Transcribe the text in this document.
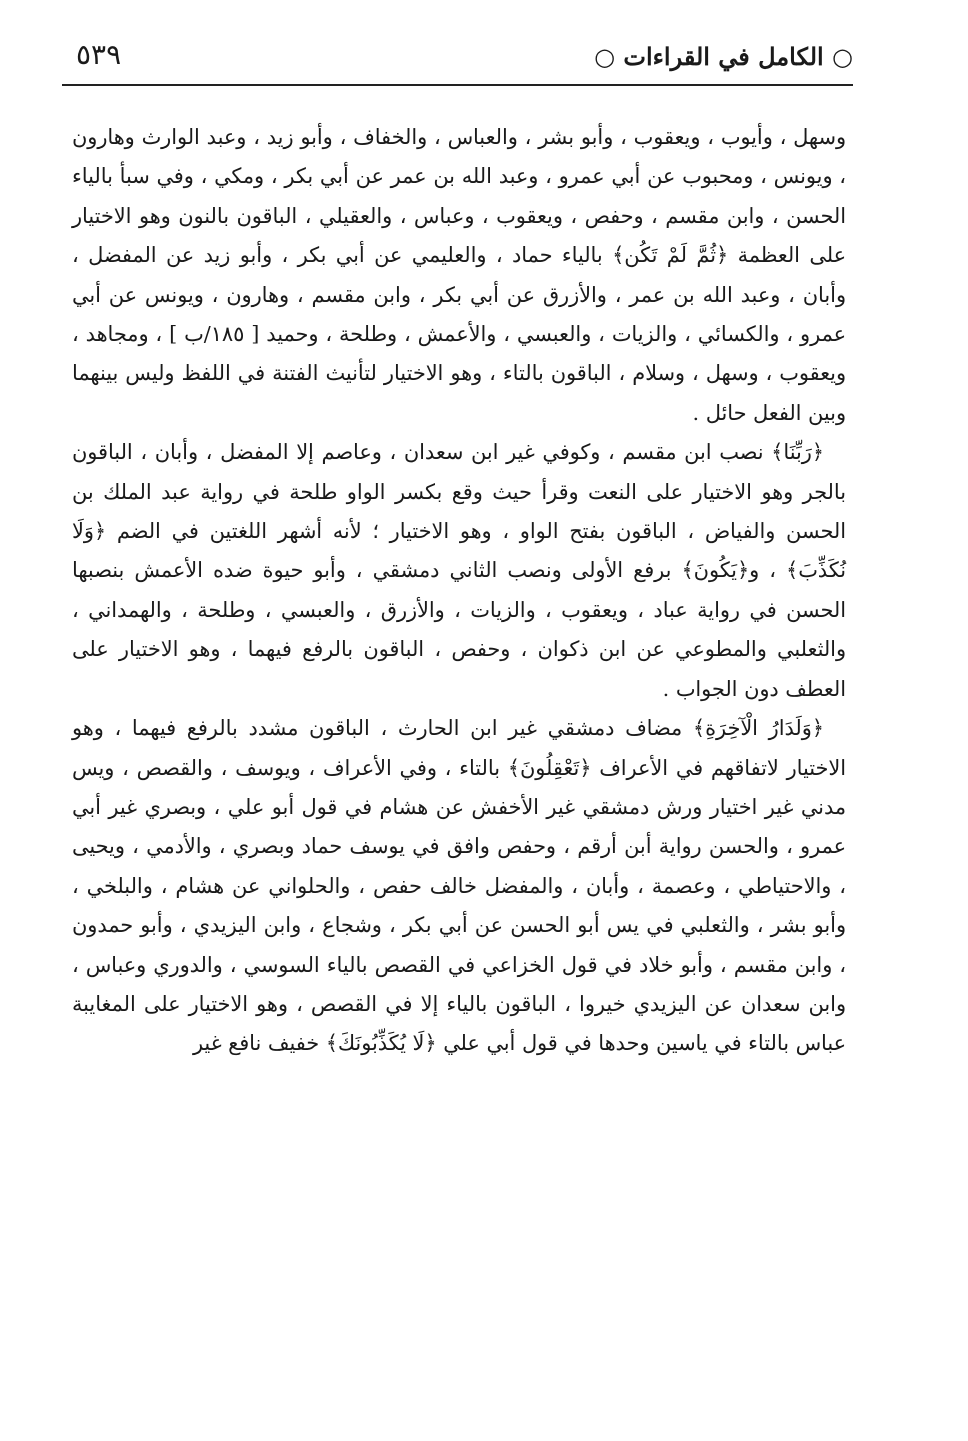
○ الكامل في القراءات ○
٥٣٩

وسهل ، وأيوب ، ويعقوب ، وأبو بشر ، والعباس ، والخفاف ، وأبو زيد ، وعبد الوارث وهارون ، ويونس ، ومحبوب عن أبي عمرو ، وعبد الله بن عمر عن أبي بكر ، ومكي ، وفي سبأ بالياء الحسن ، وابن مقسم ، وحفص ، ويعقوب ، وعباس ، والعقيلي ، الباقون بالنون وهو الاختيار على العظمة ﴿ثُمَّ لَمْ تَكُن﴾ بالياء حماد ، والعليمي عن أبي بكر ، وأبو زيد عن المفضل ، وأبان ، وعبد الله بن عمر ، والأزرق عن أبي بكر ، وابن مقسم ، وهارون ، ويونس عن أبي عمرو ، والكسائي ، والزيات ، والعبسي ، والأعمش ، وطلحة ، وحميد [ ١٨٥/ب ] ، ومجاهد ، ويعقوب ، وسهل ، وسلام ، الباقون بالتاء ، وهو الاختيار لتأنيث الفتنة في اللفظ وليس بينهما وبين الفعل حائل .

﴿رَبِّنَا﴾ نصب ابن مقسم ، وكوفي غير ابن سعدان ، وعاصم إلا المفضل ، وأبان ، الباقون بالجر وهو الاختيار على النعت وقرأ حيث وقع بكسر الواو طلحة في رواية عبد الملك بن الحسن والفياض ، الباقون بفتح الواو ، وهو الاختيار ؛ لأنه أشهر اللغتين في الضم ﴿وَلَا نُكَذِّبَ﴾ ، و﴿يَكُونَ﴾ برفع الأولى ونصب الثاني دمشقي ، وأبو حيوة ضده الأعمش بنصبها الحسن في رواية عباد ، ويعقوب ، والزيات ، والأزرق ، والعبسي ، وطلحة ، والهمداني ، والثعلبي والمطوعي عن ابن ذكوان ، وحفص ، الباقون بالرفع فيهما ، وهو الاختيار على العطف دون الجواب .

﴿وَلَدَارُ الْآخِرَةِ﴾ مضاف دمشقي غير ابن الحارث ، الباقون مشدد بالرفع فيهما ، وهو الاختيار لاتفاقهم في الأعراف ﴿تَعْقِلُونَ﴾ بالتاء ، وفي الأعراف ، ويوسف ، والقصص ، ويس مدني غير اختيار ورش دمشقي غير الأخفش عن هشام في قول أبو علي ، وبصري غير أبي عمرو ، والحسن رواية أبن أرقم ، وحفص وافق في يوسف حماد وبصري ، والأدمي ، ويحيى ، والاحتياطي ، وعصمة ، وأبان ، والمفضل خالف حفص ، والحلواني عن هشام ، والبلخي ، وأبو بشر ، والثعلبي في يس أبو الحسن عن أبي بكر ، وشجاع ، وابن اليزيدي ، وأبو حمدون ، وابن مقسم ، وأبو خلاد في قول الخزاعي في القصص بالياء السوسي ، والدوري وعباس ، وابن سعدان عن اليزيدي خيروا ، الباقون بالياء إلا في القصص ، وهو الاختيار على المغايبة عباس بالتاء في ياسين وحدها في قول أبي علي ﴿لَا يُكَذِّبُونَكَ﴾ خفيف نافع غير
